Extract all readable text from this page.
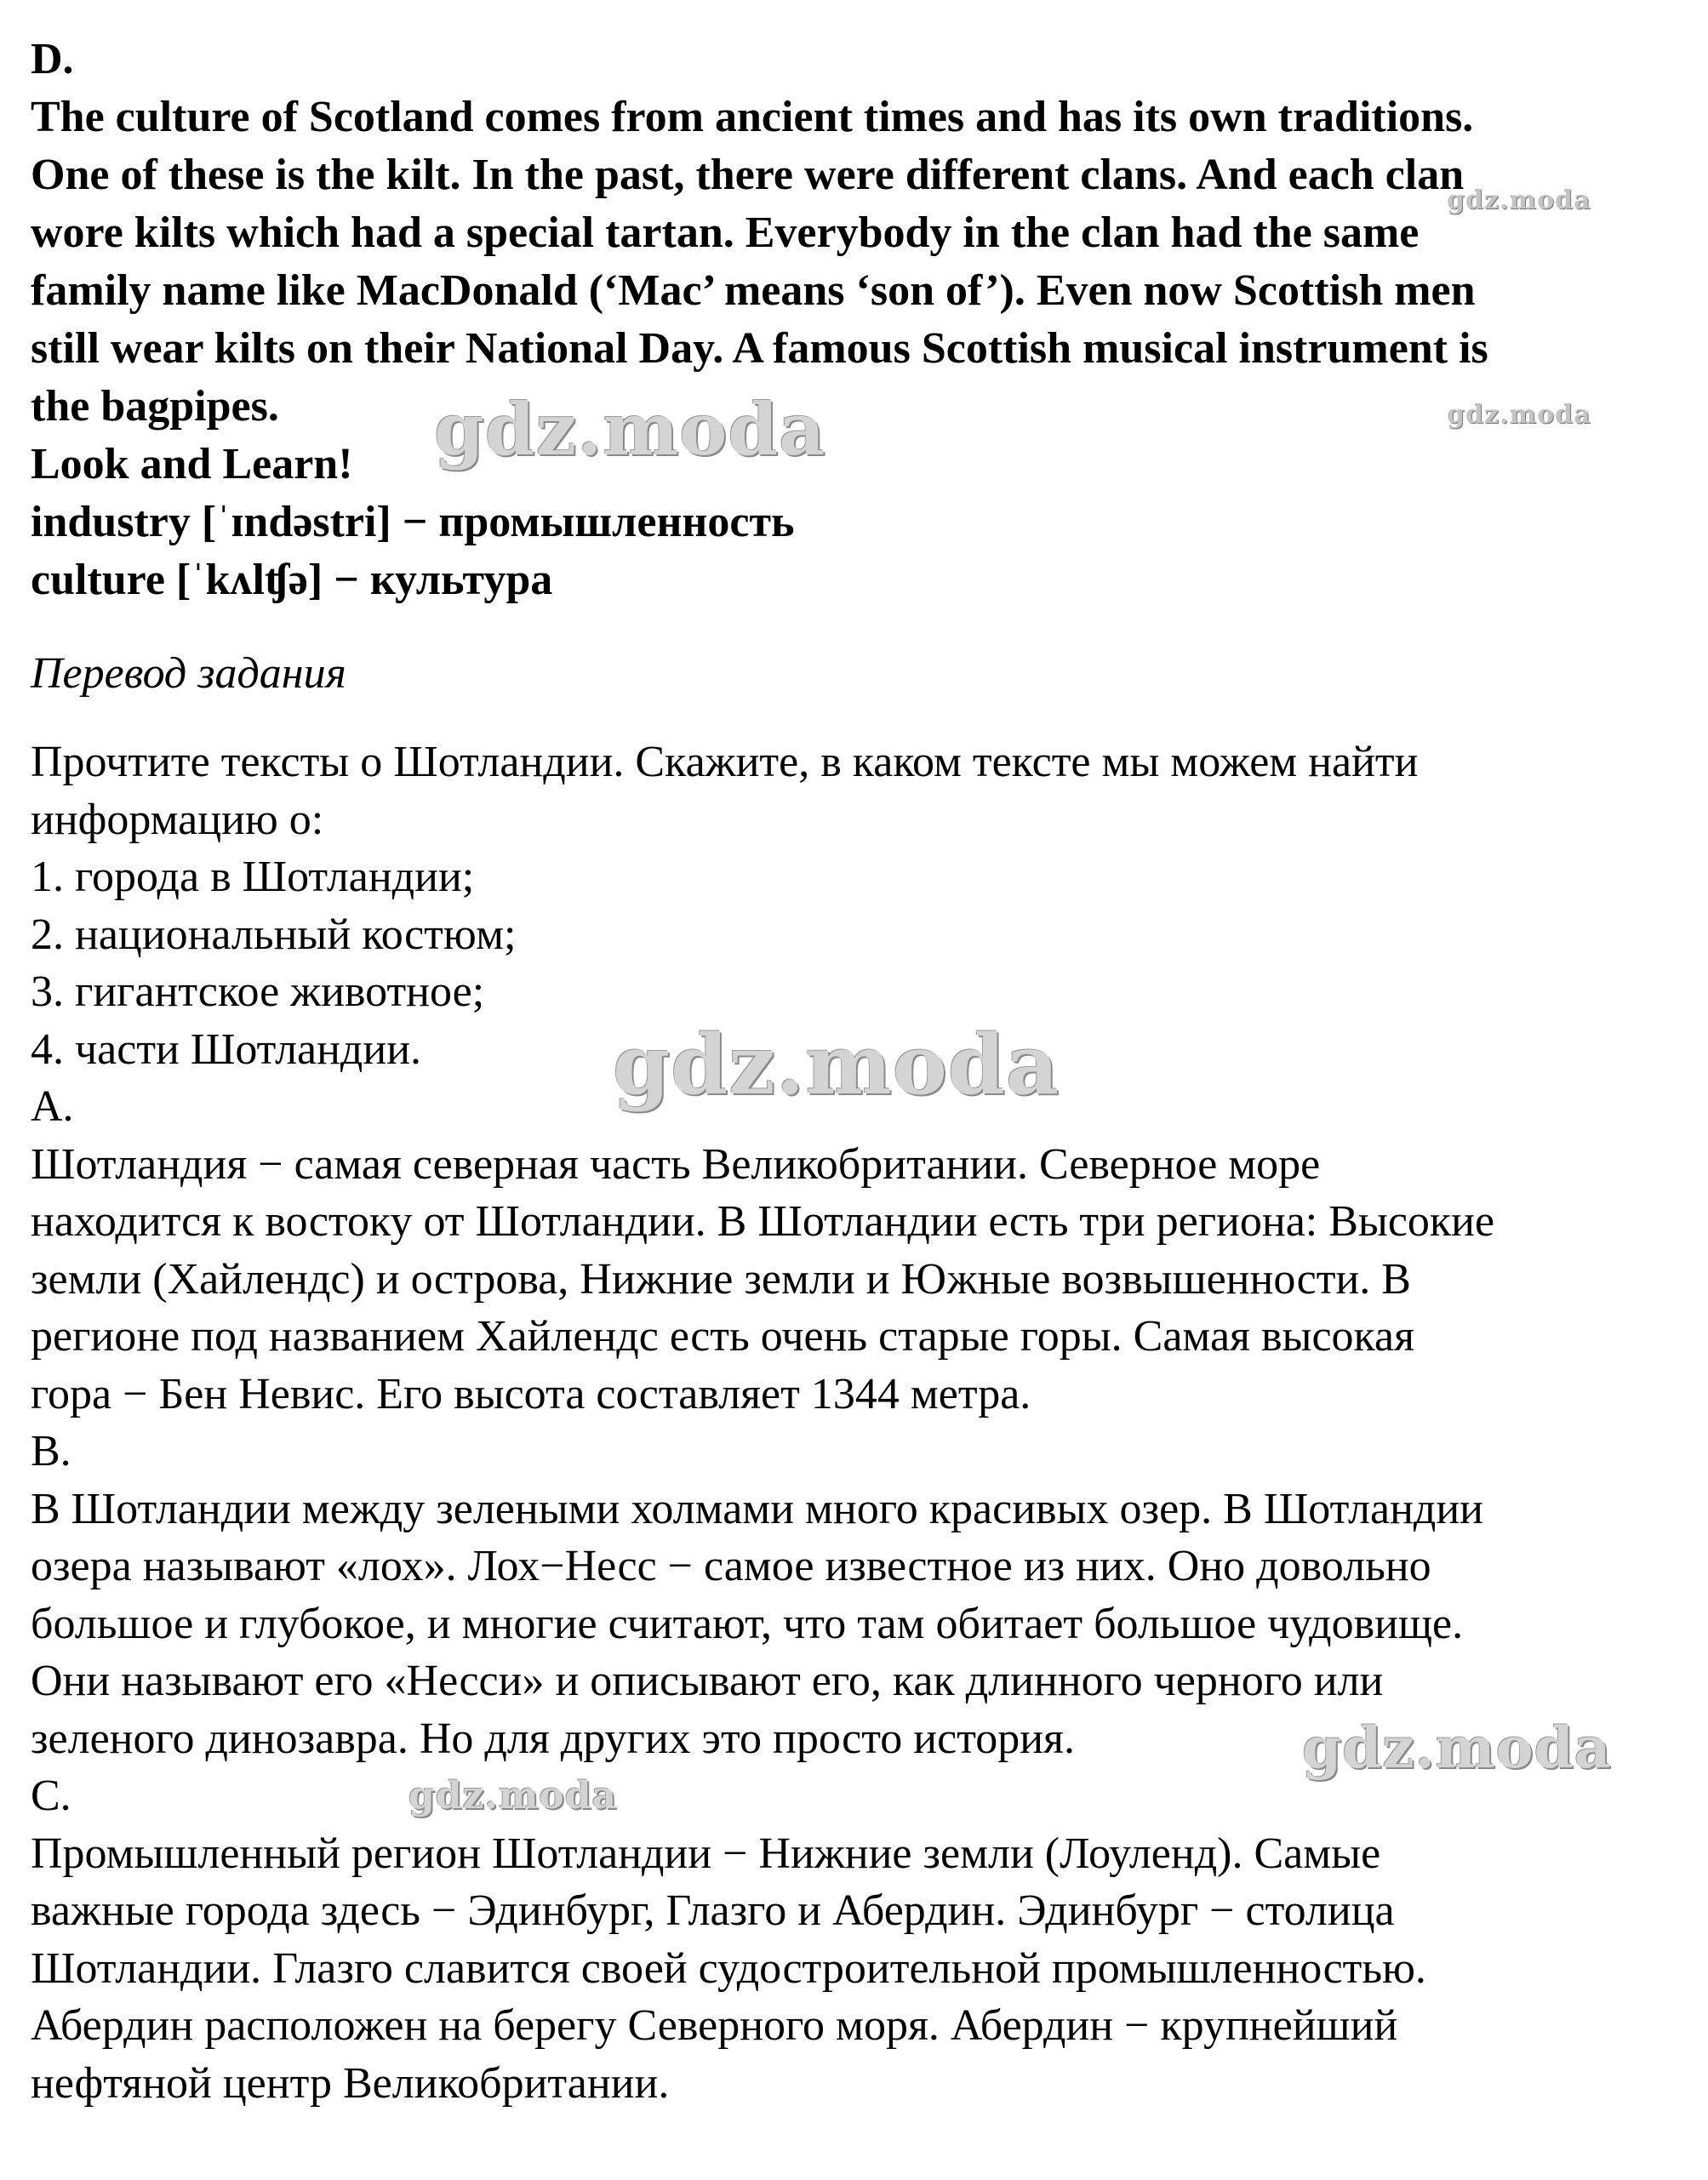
D.

The culture of Scotland comes from ancient times and has its own traditions.

One of these is the kilt. In the past, there were different clans. And each clan

wore kilts which had a special tartan. Everybody in the clan had the same

family name like MacDonald (‘Mac’ means ‘son of’). Even now Scottish men

still wear kilts on their National Day. A famous Scottish musical instrument is

the bagpipes.

Look and Learn!

industry [ˈɪndəstri] − промышленность

culture [ˈkʌlʧə] − культура

Перевод задания

Прочтите тексты о Шотландии. Скажите, в каком тексте мы можем найти

информацию о:

1. города в Шотландии;
2. национальный костюм;
3. гигантское животное;
4. части Шотландии.

A.

Шотландия − самая северная часть Великобритании. Северное море

находится к востоку от Шотландии. В Шотландии есть три региона: Высокие

земли (Хайлендс) и острова, Нижние земли и Южные возвышенности. В

регионе под названием Хайлендс есть очень старые горы. Самая высокая

гора − Бен Невис. Его высота составляет 1344 метра.

B.

В Шотландии между зелеными холмами много красивых озер. В Шотландии

озера называют «лох». Лох−Несс − самое известное из них. Оно довольно

большое и глубокое, и многие считают, что там обитает большое чудовище.

Они называют его «Несси» и описывают его, как длинного черного или

зеленого динозавра. Но для других это просто история.

C.

Промышленный регион Шотландии − Нижние земли (Лоуленд). Самые

важные города здесь − Эдинбург, Глазго и Абердин. Эдинбург − столица

Шотландии. Глазго славится своей судостроительной промышленностью.

Абердин расположен на берегу Северного моря. Абердин − крупнейший

нефтяной центр Великобритании.

gdz.moda
gdz.moda
gdz.moda
gdz.moda
gdz.moda
gdz.moda
